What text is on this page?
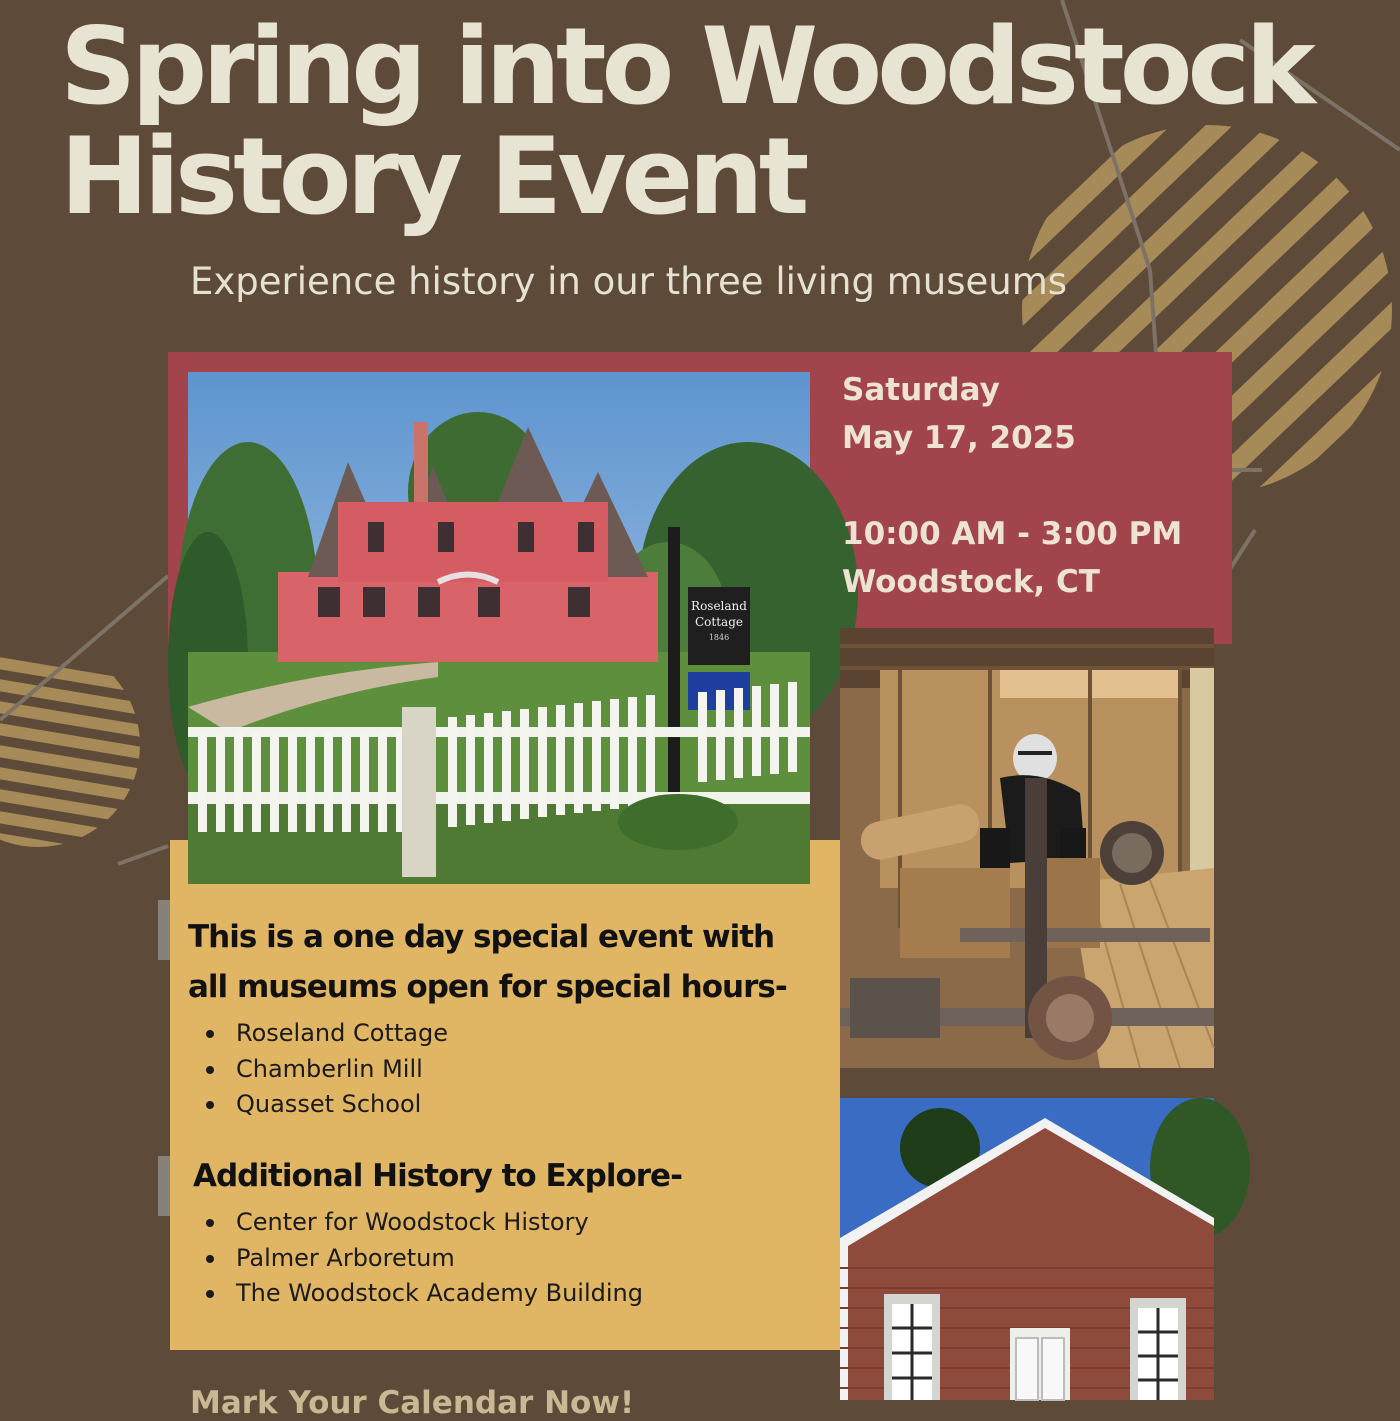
Spring into Woodstock
History Event
Experience history in our three living museums
Roseland
Cottage
1846
Saturday
May 17, 2025
10:00 AM - 3:00 PM
Woodstock, CT
This is a one day special event with
all museums open for special hours-
Roseland Cottage
Chamberlin Mill
Quasset School
Additional History to Explore-
Center for Woodstock History
Palmer Arboretum
The Woodstock Academy Building
Mark Your Calendar Now!
